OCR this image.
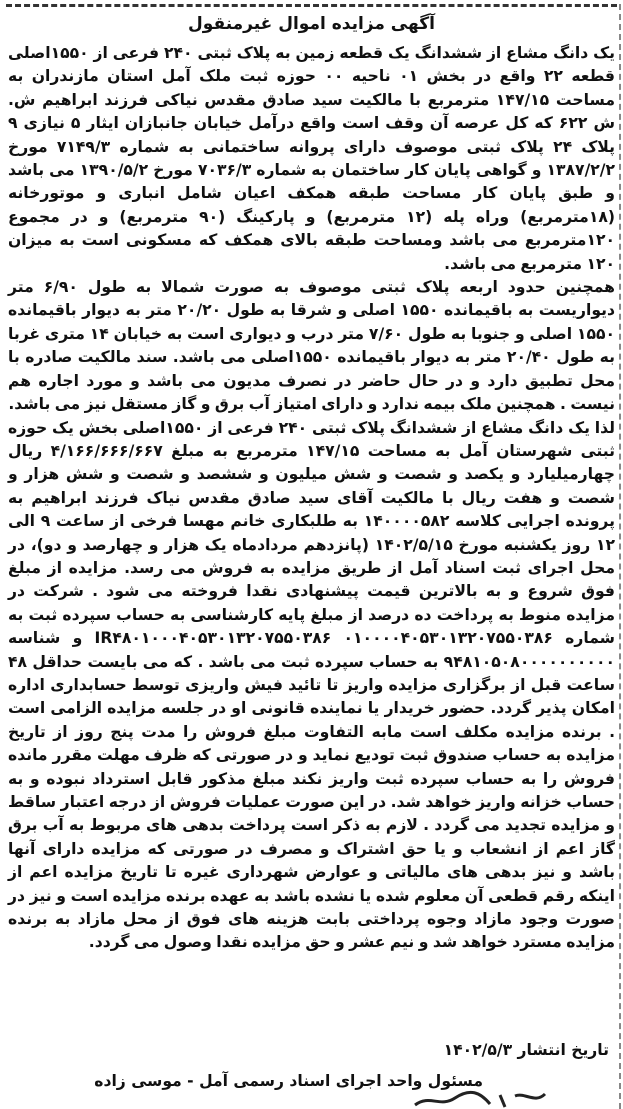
آگهی مزایده اموال غیرمنقول

یک دانگ مشاع از ششدانگ یک قطعه زمین به پلاک ثبتی ۲۴۰ فرعی از ۱۵۵۰اصلی قطعه ۲۲ واقع در بخش ۰۱ ناحیه ۰۰ حوزه ثبت ملک آمل استان مازندران به مساحت ۱۴۷/۱۵ مترمربع با مالکیت سید صادق مقدس نیاکی فرزند ابراهیم ش. ش ۶۲۲ که کل عرصه آن وقف است واقع درآمل خیابان جانبازان ایثار ۵ نیازی ۹ پلاک ۲۴ پلاک ثبتی موصوف دارای پروانه ساختمانی به شماره ۷۱۴۹/۳ مورخ ۱۳۸۷/۲/۲ و گواهی پایان کار ساختمان به شماره ۷۰۳۶/۳ مورخ ۱۳۹۰/۵/۲ می باشد و طبق پایان کار مساحت طبقه همکف اعیان شامل انباری و موتورخانه (۱۸مترمربع) وراه پله (۱۲ مترمربع) و پارکینگ (۹۰ مترمربع) و در مجموع ۱۲۰مترمربع می باشد ومساحت طبقه بالای همکف که مسکونی است به میزان ۱۲۰ مترمربع می باشد.

همچنین حدود اربعه پلاک ثبتی موصوف به صورت شمالا به طول ۶/۹۰ متر دیواریست به باقیمانده ۱۵۵۰ اصلی و شرقا به طول ۲۰/۲۰ متر به دیوار باقیمانده ۱۵۵۰ اصلی و جنوبا به طول ۷/۶۰ متر درب و دیواری است به خیابان ۱۴ متری غربا به طول ۲۰/۴۰ متر به دیوار باقیمانده ۱۵۵۰اصلی می باشد. سند مالکیت صادره با محل تطبیق دارد و در حال حاضر در نصرف مدیون می باشد و مورد اجاره هم نیست . همچنین ملک بیمه ندارد و دارای امتیاز آب برق و گاز مستقل نیز می باشد.

لذا یک دانگ مشاع از ششدانگ پلاک ثبتی ۲۴۰ فرعی از ۱۵۵۰اصلی بخش یک حوزه ثبتی شهرستان آمل به مساحت ۱۴۷/۱۵ مترمربع به مبلغ ۴/۱۶۶/۶۶۶/۶۶۷ ریال چهارمیلیارد و یکصد و شصت و شش میلیون و ششصد و شصت و شش هزار و شصت و هفت ریال با مالکیت آقای سید صادق مقدس نیاک فرزند ابراهیم به پرونده اجرایی کلاسه ۱۴۰۰۰۰۵۸۲ به طلبکاری خانم مهسا فرخی از ساعت ۹ الی ۱۲ روز یکشنبه مورخ ۱۴۰۲/۵/۱۵ (پانزدهم مردادماه یک هزار و چهارصد و دو)، در محل اجرای ثبت اسناد آمل از طریق مزایده به فروش می رسد. مزایده از مبلغ فوق شروع و به بالاترین قیمت پیشنهادی نقدا فروخته می شود . شرکت در مزایده منوط به پرداخت ده درصد از مبلغ پایه کارشناسی به حساب سپرده ثبت به شماره ۰۱۰۰۰۰۴۰۵۳۰۱۳۲۰۷۵۵۰۳۸۶ IR۴۸۰۱۰۰۰۴۰۵۳۰۱۳۲۰۷۵۵۰۳۸۶ و شناسه ۹۴۸۱۰۵۰۸۰۰۰۰۰۰۰۰۰۰ به حساب سپرده ثبت می باشد . که می بایست حداقل ۴۸ ساعت قبل از برگزاری مزایده واریز تا تائید فیش واریزی توسط حسابداری اداره امکان پذیر گردد. حضور خریدار یا نماینده قانونی او در جلسه مزایده الزامی است . برنده مزایده مکلف است مابه التفاوت مبلغ فروش را مدت پنج روز از تاریخ مزایده به حساب صندوق ثبت تودیع نماید و در صورتی که ظرف مهلت مقرر مانده فروش را به حساب سپرده ثبت واریز نکند مبلغ مذکور قابل استرداد نبوده و به حساب خزانه واریز خواهد شد. در این صورت عملیات فروش از درجه اعتبار ساقط و مزایده تجدید می گردد . لازم به ذکر است پرداخت بدهی های مربوط به آب برق گاز اعم از انشعاب و یا حق اشتراک و مصرف در صورتی که مزایده دارای آنها باشد و نیز بدهی های مالیاتی و عوارض شهرداری غیره تا تاریخ مزایده اعم از اینکه رقم قطعی آن معلوم شده یا نشده باشد به عهده برنده مزایده است و نیز در صورت وجود مازاد وجوه پرداختی بابت هزینه های فوق از محل مازاد به برنده مزایده مسترد خواهد شد و نیم عشر و حق مزایده نقدا وصول می گردد.

تاریخ انتشار ۱۴۰۲/۵/۳
مسئول واحد اجرای اسناد رسمی آمل - موسی زاده
